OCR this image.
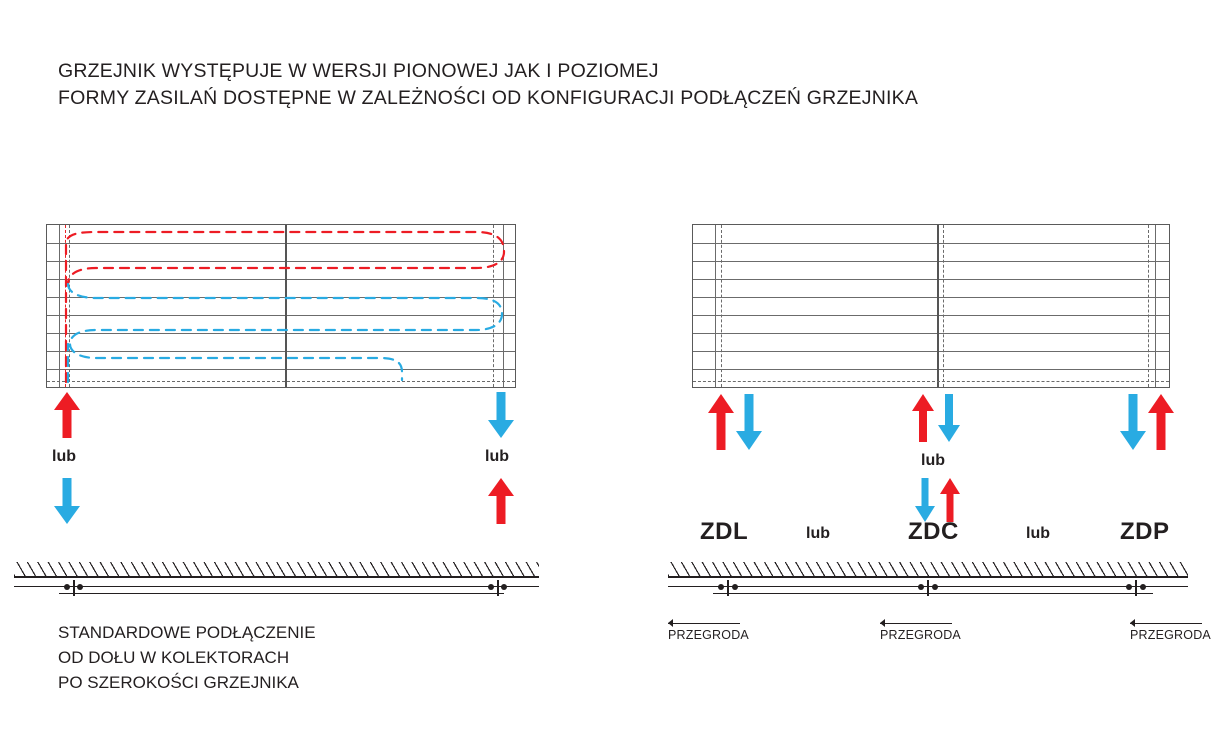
GRZEJNIK WYSTĘPUJE W WERSJI PIONOWEJ JAK I POZIOMEJ
FORMY ZASILAŃ DOSTĘPNE W ZALEŻNOŚCI OD KONFIGURACJI PODŁĄCZEŃ GRZEJNIKA
lub	lub
STANDARDOWE PODŁĄCZENIE
OD DOŁU W KOLEKTORACH
PO SZEROKOŚCI GRZEJNIKA
lub
ZDL	lub	ZDC	lub	ZDP
PRZEGRODA	PRZEGRODA	PRZEGRODA
